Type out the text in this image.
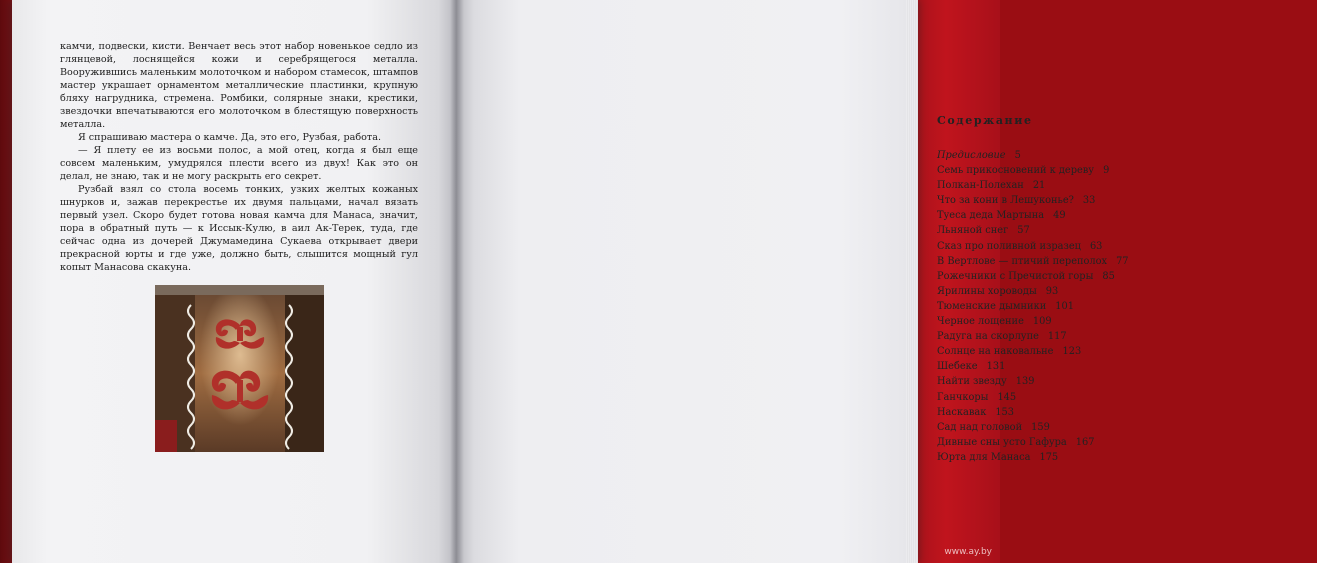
камчи, подвески, кисти. Венчает весь этот набор новенькое седло из глянцевой, лоснящейся кожи и серебрящегося металла. Вооружившись маленьким молоточком и набором стамесок, штампов мастер украшает орнаментом металлические пластинки, крупную бляху нагрудника, стремена. Ромбики, солярные знаки, крестики, звездочки впечатываются его молоточком в блестящую поверхность металла.

Я спрашиваю мастера о камче. Да, это его, Рузбая, работа.

— Я плету ее из восьми полос, а мой отец, когда я был еще совсем маленьким, умудрялся плести всего из двух! Как это он делал, не знаю, так и не могу раскрыть его секрет.

Рузбай взял со стола восемь тонких, узких желтых кожаных шнурков и, зажав перекрестье их двумя пальцами, начал вязать первый узел. Скоро будет готова новая камча для Манаса, значит, пора в обратный путь — к Иссык-Кулю, в аил Ак-Терек, туда, где сейчас одна из дочерей Джумамедина Сукаева открывает двери прекрасной юрты и где уже, должно быть, слышится мощный гул копыт Манасова скакуна.

Содержание
Предисловие 5
Семь прикосновений к дереву 9
Полкан-Полехан 21
Что за кони в Лешуконье? 33
Туеса деда Мартына 49
Льняной снег 57
Сказ про поливной изразец 63
В Вертлове — птичий переполох 77
Рожечники с Пречистой горы 85
Ярилины хороводы 93
Тюменские дымники 101
Черное лощение 109
Радуга на скорлупе 117
Солнце на наковальне 123
Шебеке 131
Найти звезду 139
Ганчкоры 145
Наскавак 153
Сад над головой 159
Дивные сны усто Гафура 167
Юрта для Манаса 175
www.ay.by
